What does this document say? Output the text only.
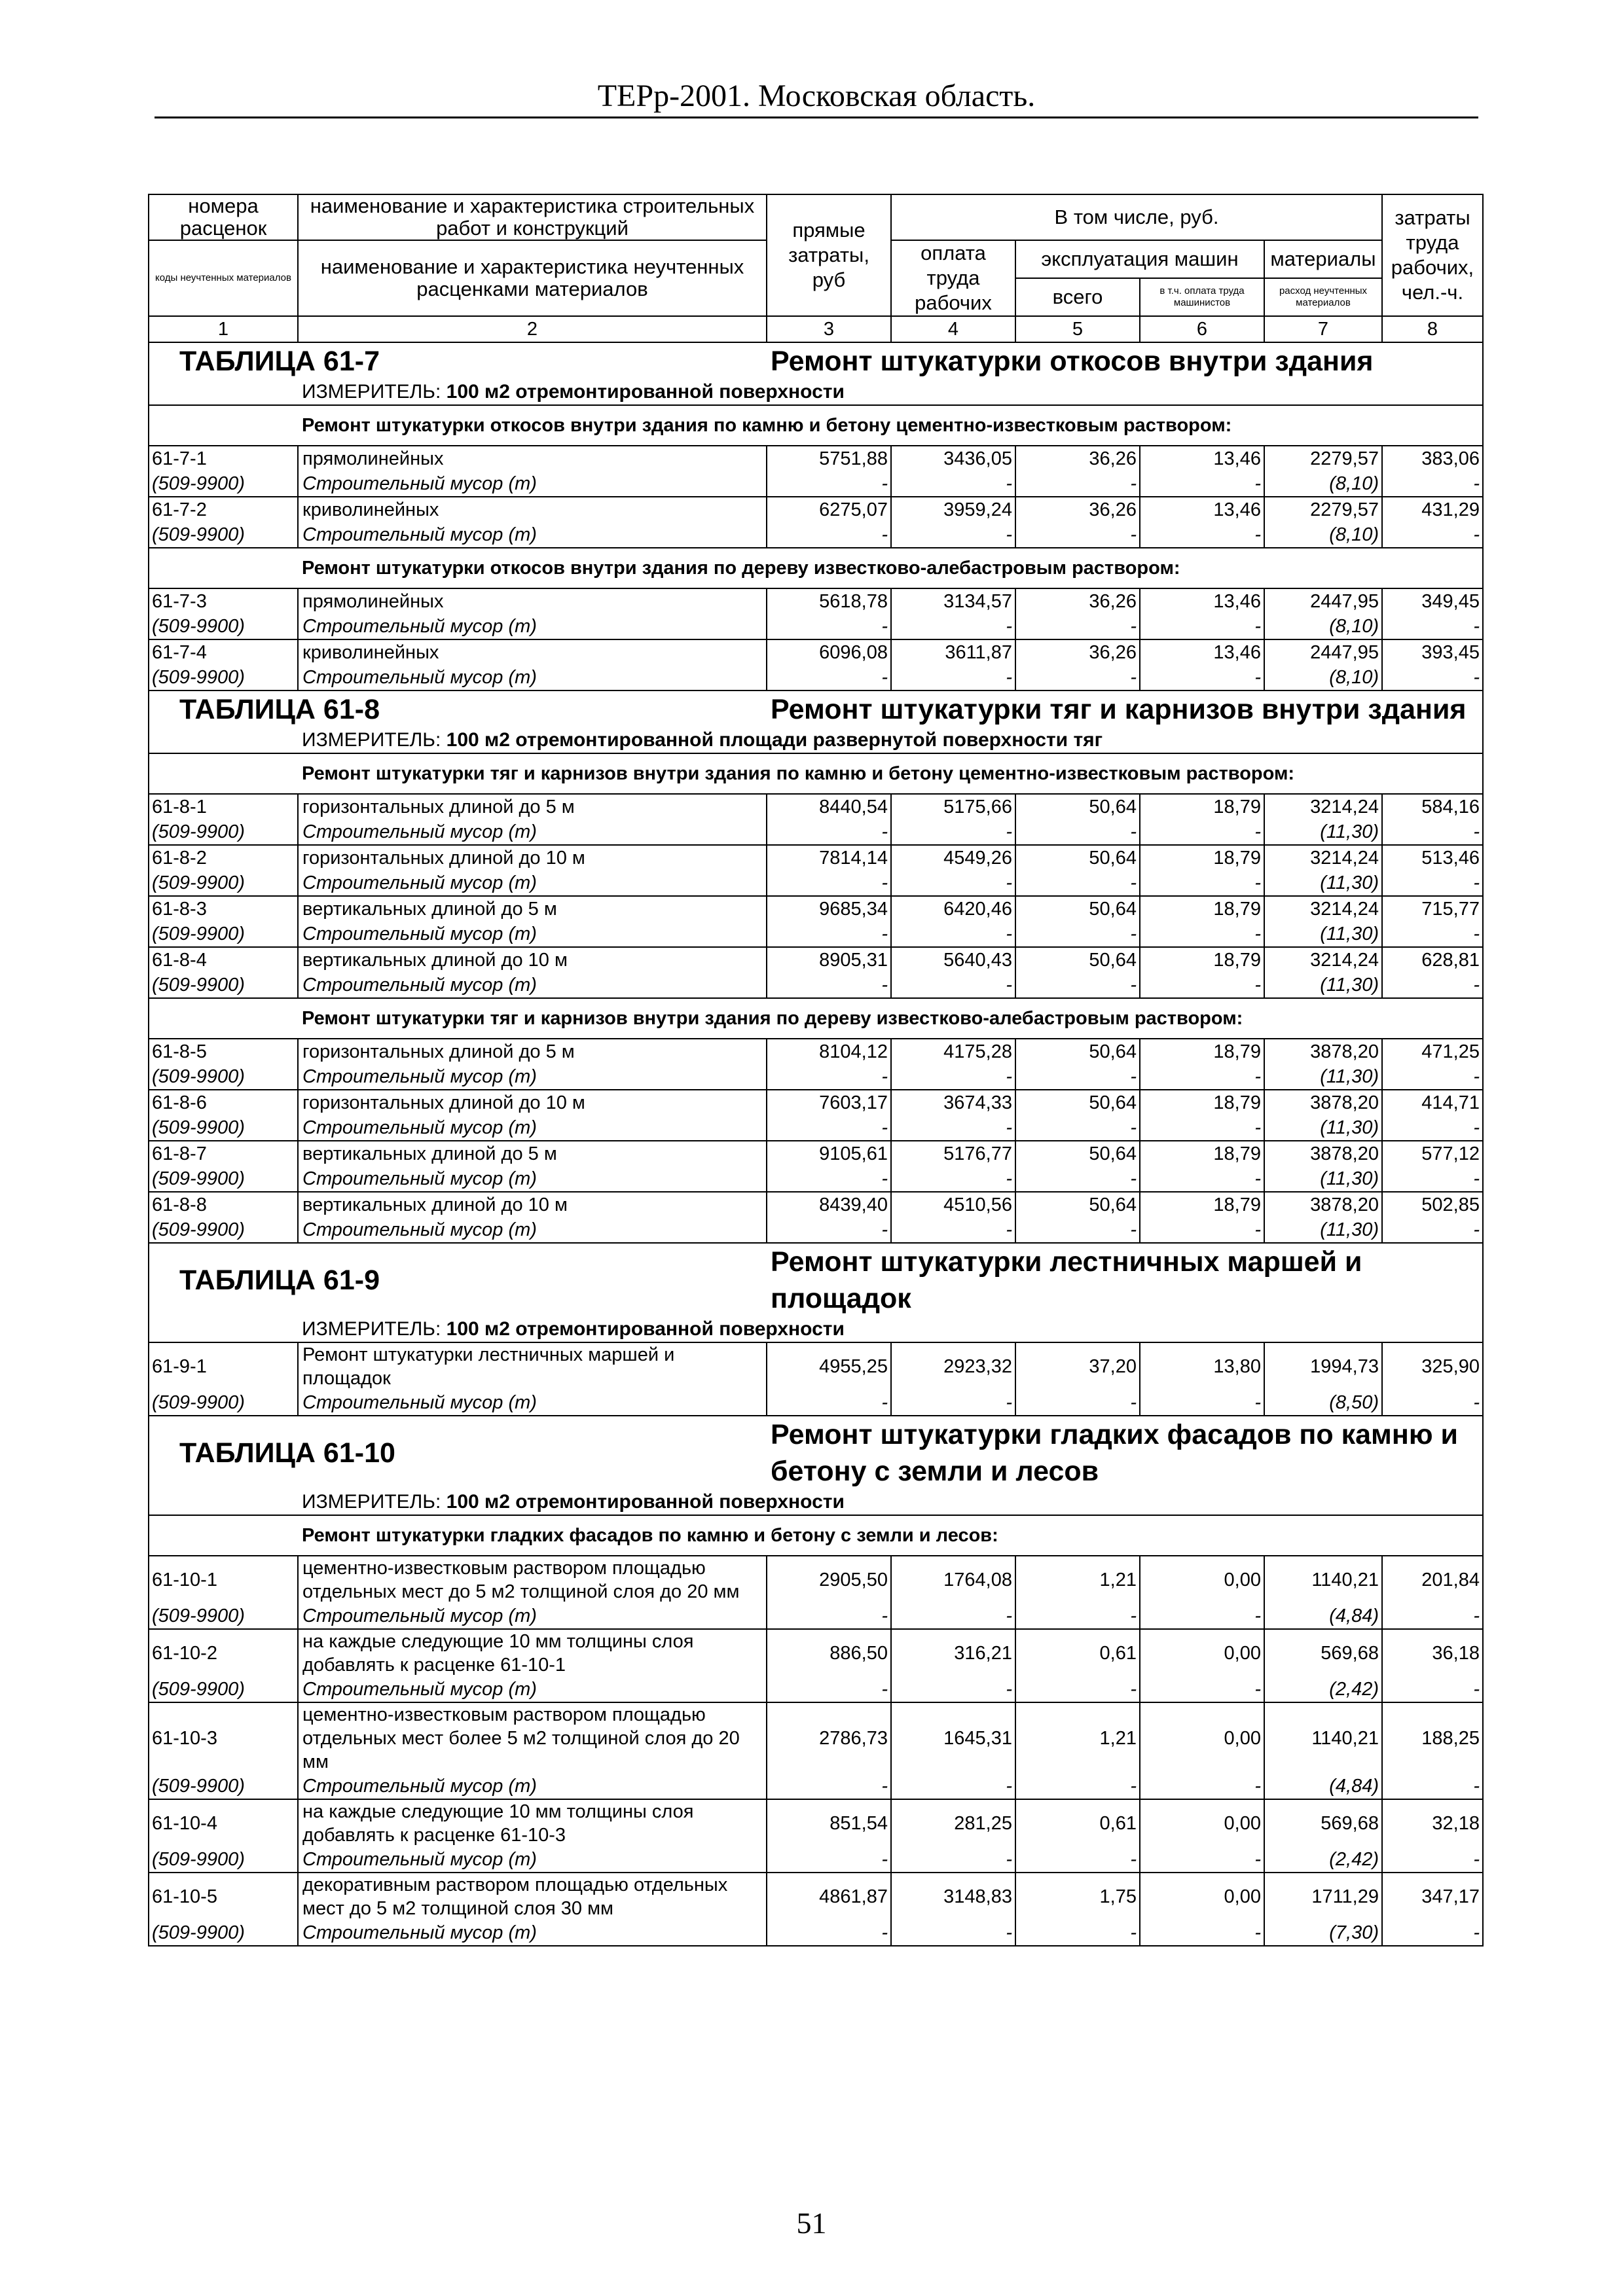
ТЕРр-2001. Московская область.
номера расценок	наименование и характеристика строительных работ и конструкций	прямые затраты, руб	В том числе, руб.				затраты труда рабочих, чел.-ч.
коды неучтенных материалов	наименование и характеристика неучтенных расценками материалов		оплата труда рабочих	эксплуатация машин		материалы	
				всего	в т.ч. оплата труда машинистов	расход неучтенных материалов	
1	2	3	4	5	6	7	8
ТАБЛИЦА 61-7		Ремонт штукатурки откосов внутри здания					
	ИЗМЕРИТЕЛЬ: 100 м2 отремонтированной поверхности						
	Ремонт штукатурки откосов внутри здания по камню и бетону цементно-известковым раствором:						
61-7-1	прямолинейных	5751,88	3436,05	36,26	13,46	2279,57	383,06
(509-9900)	Строительный мусор (т)	-	-	-	-	(8,10)	-
61-7-2	криволинейных	6275,07	3959,24	36,26	13,46	2279,57	431,29
(509-9900)	Строительный мусор (т)	-	-	-	-	(8,10)	-
	Ремонт штукатурки откосов внутри здания по дереву известково-алебастровым раствором:						
61-7-3	прямолинейных	5618,78	3134,57	36,26	13,46	2447,95	349,45
(509-9900)	Строительный мусор (т)	-	-	-	-	(8,10)	-
61-7-4	криволинейных	6096,08	3611,87	36,26	13,46	2447,95	393,45
(509-9900)	Строительный мусор (т)	-	-	-	-	(8,10)	-
ТАБЛИЦА 61-8		Ремонт штукатурки тяг и карнизов внутри здания					
	ИЗМЕРИТЕЛЬ: 100 м2 отремонтированной площади развернутой поверхности тяг						
	Ремонт штукатурки тяг и карнизов внутри здания по камню и бетону цементно-известковым раствором:						
61-8-1	горизонтальных длиной до 5 м	8440,54	5175,66	50,64	18,79	3214,24	584,16
(509-9900)	Строительный мусор (т)	-	-	-	-	(11,30)	-
61-8-2	горизонтальных длиной до 10 м	7814,14	4549,26	50,64	18,79	3214,24	513,46
(509-9900)	Строительный мусор (т)	-	-	-	-	(11,30)	-
61-8-3	вертикальных длиной до 5 м	9685,34	6420,46	50,64	18,79	3214,24	715,77
(509-9900)	Строительный мусор (т)	-	-	-	-	(11,30)	-
61-8-4	вертикальных длиной до 10 м	8905,31	5640,43	50,64	18,79	3214,24	628,81
(509-9900)	Строительный мусор (т)	-	-	-	-	(11,30)	-
	Ремонт штукатурки тяг и карнизов внутри здания по дереву известково-алебастровым раствором:						
61-8-5	горизонтальных длиной до 5 м	8104,12	4175,28	50,64	18,79	3878,20	471,25
(509-9900)	Строительный мусор (т)	-	-	-	-	(11,30)	-
61-8-6	горизонтальных длиной до 10 м	7603,17	3674,33	50,64	18,79	3878,20	414,71
(509-9900)	Строительный мусор (т)	-	-	-	-	(11,30)	-
61-8-7	вертикальных длиной до 5 м	9105,61	5176,77	50,64	18,79	3878,20	577,12
(509-9900)	Строительный мусор (т)	-	-	-	-	(11,30)	-
61-8-8	вертикальных длиной до 10 м	8439,40	4510,56	50,64	18,79	3878,20	502,85
(509-9900)	Строительный мусор (т)	-	-	-	-	(11,30)	-
ТАБЛИЦА 61-9		Ремонт штукатурки лестничных маршей и площадок					
	ИЗМЕРИТЕЛЬ: 100 м2 отремонтированной поверхности						
61-9-1	Ремонт штукатурки лестничных маршей и площадок	4955,25	2923,32	37,20	13,80	1994,73	325,90
(509-9900)	Строительный мусор (т)	-	-	-	-	(8,50)	-
ТАБЛИЦА 61-10		Ремонт штукатурки гладких фасадов по камню и бетону с земли и лесов					
	ИЗМЕРИТЕЛЬ: 100 м2 отремонтированной поверхности						
	Ремонт штукатурки гладких фасадов по камню и бетону с земли и лесов:						
61-10-1	цементно-известковым раствором площадью отдельных мест до 5 м2 толщиной слоя до 20 мм	2905,50	1764,08	1,21	0,00	1140,21	201,84
(509-9900)	Строительный мусор (т)	-	-	-	-	(4,84)	-
61-10-2	на каждые следующие 10 мм толщины слоя добавлять к расценке 61-10-1	886,50	316,21	0,61	0,00	569,68	36,18
(509-9900)	Строительный мусор (т)	-	-	-	-	(2,42)	-
61-10-3	цементно-известковым раствором площадью отдельных мест более 5 м2 толщиной слоя до 20 мм	2786,73	1645,31	1,21	0,00	1140,21	188,25
(509-9900)	Строительный мусор (т)	-	-	-	-	(4,84)	-
61-10-4	на каждые следующие 10 мм толщины слоя добавлять к расценке 61-10-3	851,54	281,25	0,61	0,00	569,68	32,18
(509-9900)	Строительный мусор (т)	-	-	-	-	(2,42)	-
61-10-5	декоративным раствором площадью отдельных мест до 5 м2 толщиной слоя 30 мм	4861,87	3148,83	1,75	0,00	1711,29	347,17
(509-9900)	Строительный мусор (т)	-	-	-	-	(7,30)	-
51
